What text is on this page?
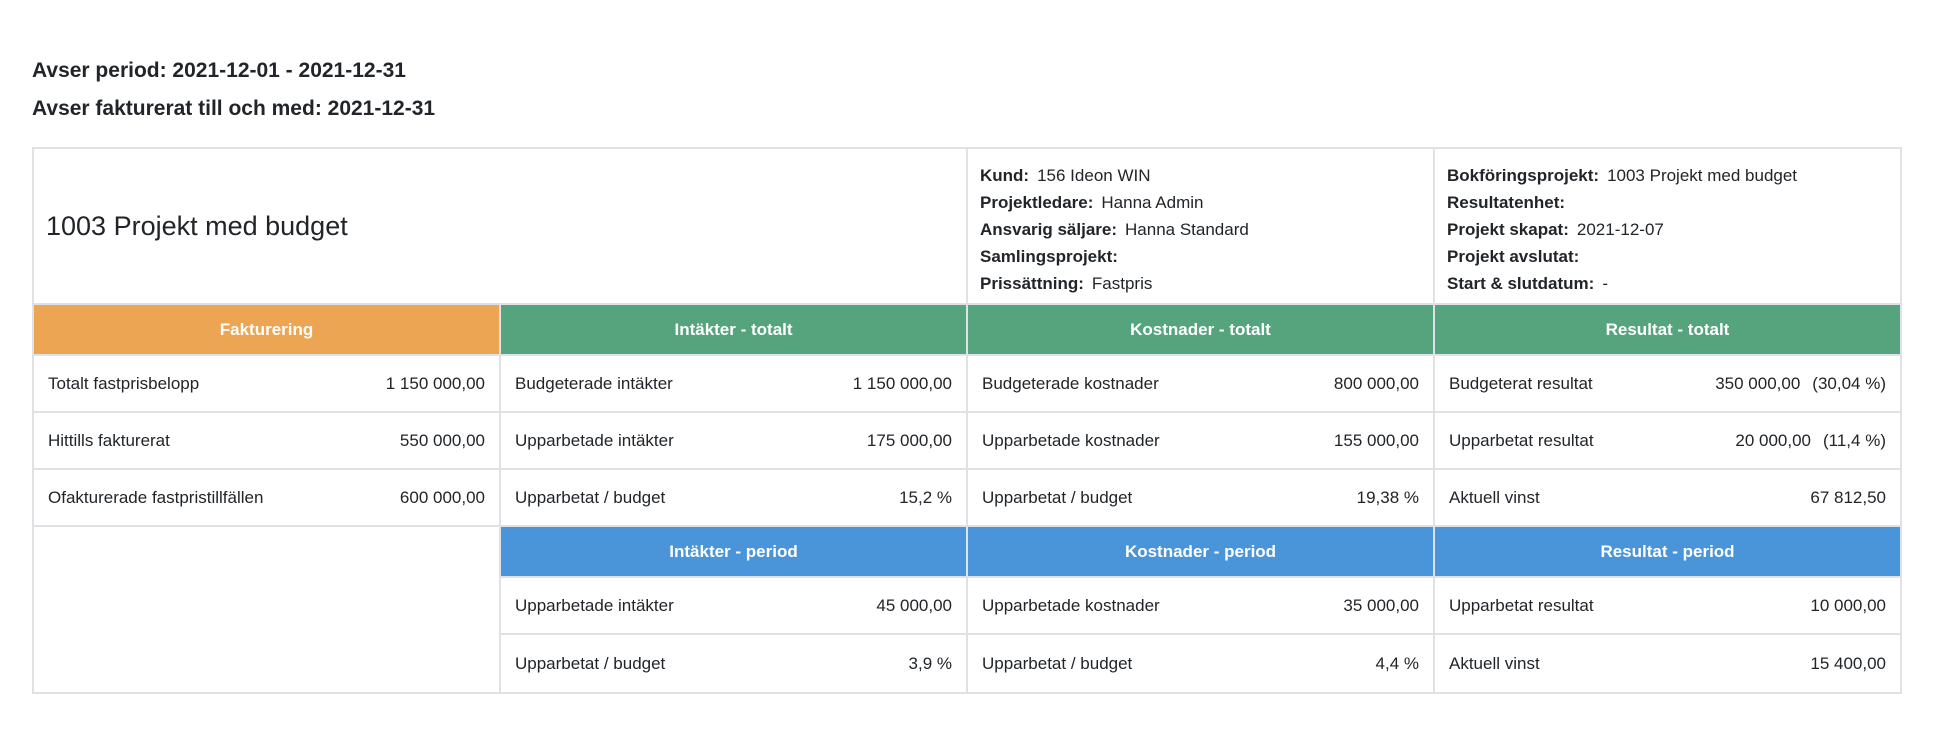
Avser period: 2021-12-01 - 2021-12-31
Avser fakturerat till och med: 2021-12-31
1003 Projekt med budget
Kund: 156 Ideon WIN
Projektledare: Hanna Admin
Ansvarig säljare: Hanna Standard
Samlingsprojekt:
Prissättning: Fastpris
Bokföringsprojekt: 1003 Projekt med budget
Resultatenhet:
Projekt skapat: 2021-12-07
Projekt avslutat:
Start & slutdatum: -
Fakturering	Intäkter - totalt	Kostnader - totalt	Resultat - totalt
Totalt fastprisbelopp	1 150 000,00 Budgeterade intäkter	1 150 000,00 Budgeterade kostnader	800 000,00 Budgeterat resultat	350 000,00 (30,04 %)
Hittills fakturerat	550 000,00 Upparbetade intäkter	175 000,00 Upparbetade kostnader	155 000,00 Upparbetat resultat	20 000,00 (11,4 %)
Ofakturerade fastpristillfällen	600 000,00 Upparbetat / budget	15,2 % Upparbetat / budget	19,38 % Aktuell vinst	67 812,50
Intäkter - period	Kostnader - period	Resultat - period
Upparbetade intäkter	45 000,00 Upparbetade kostnader	35 000,00 Upparbetat resultat	10 000,00
Upparbetat / budget	3,9 % Upparbetat / budget	4,4 % Aktuell vinst	15 400,00
